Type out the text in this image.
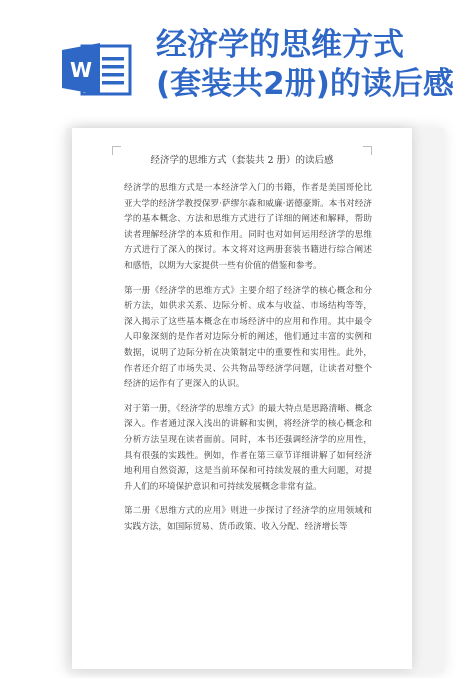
W
经济学的思维方式
(套装共2册)的读后感
经济学的思维方式（套装共 2 册）的读后感

经济学的思维方式是一本经济学入门的书籍，作者是美国哥伦比亚大学的经济学教授保罗·萨缪尔森和威廉·诺德豪斯。本书对经济学的基本概念、方法和思维方式进行了详细的阐述和解释，帮助读者理解经济学的本质和作用。同时也对如何运用经济学的思维方式进行了深入的探讨。本文将对这两册套装书籍进行综合阐述和感悟，以期为大家提供一些有价值的借鉴和参考。

第一册《经济学的思维方式》主要介绍了经济学的核心概念和分析方法，如供求关系、边际分析、成本与收益、市场结构等等，深入揭示了这些基本概念在市场经济中的应用和作用。其中最令人印象深刻的是作者对边际分析的阐述，他们通过丰富的实例和数据，说明了边际分析在决策制定中的重要性和实用性。此外，作者还介绍了市场失灵、公共物品等经济学问题，让读者对整个经济的运作有了更深入的认识。

对于第一册，《经济学的思维方式》的最大特点是思路清晰、概念深入。作者通过深入浅出的讲解和实例，将经济学的核心概念和分析方法呈现在读者面前。同时，本书还强调经济学的应用性，具有很强的实践性。例如，作者在第三章节详细讲解了如何经济地利用自然资源，这是当前环保和可持续发展的重大问题，对提升人们的环境保护意识和可持续发展概念非常有益。

第二册《思维方式的应用》则进一步探讨了经济学的应用领域和实践方法，如国际贸易、货币政策、收入分配、经济增长等
